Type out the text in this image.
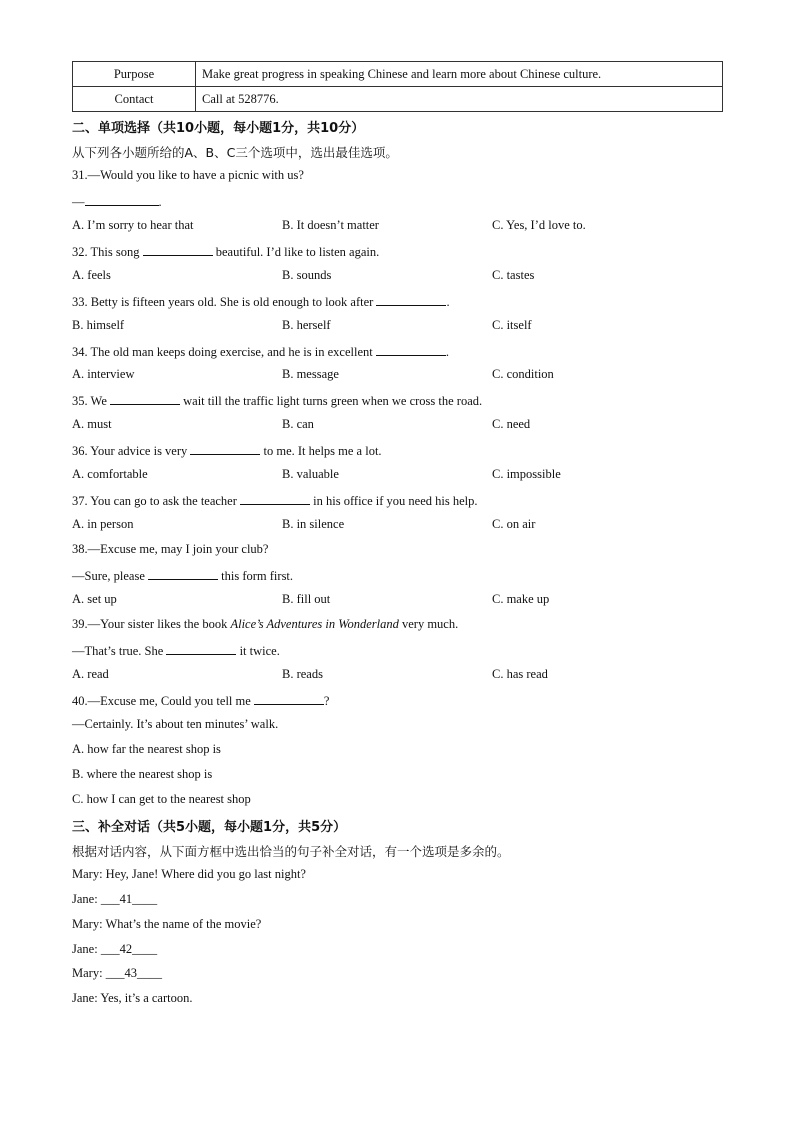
Purpose	Make great progress in speaking Chinese and learn more about Chinese culture.
Contact	Call at 528776.
二、单项选择（共10小题，每小题1分，共10分）
从下列各小题所给的A、B、C三个选项中，选出最佳选项。
31.—Would you like to have a picnic with us?
—	.
A. I’m sorry to hear that	B. It doesn’t matter	C. Yes, I’d love to.
32. This song	beautiful. I’d like to listen again.
A. feels	B. sounds	C. tastes
33. Betty is fifteen years old. She is old enough to look after	.
B. himself	B. herself	C. itself
34. The old man keeps doing exercise, and he is in excellent	.
A. interview	B. message	C. condition
35. We	wait till the traffic light turns green when we cross the road.
A. must	B. can	C. need
36. Your advice is very	to me. It helps me a lot.
A. comfortable	B. valuable	C. impossible
37. You can go to ask the teacher	in his office if you need his help.
A. in person	B. in silence	C. on air
38.—Excuse me, may I join your club?
—Sure, please	this form first.
A. set up	B. fill out	C. make up
39.—Your sister likes the book Alice’s Adventures in Wonderland very much.
—That’s true. She	it twice.
A. read	B. reads	C. has read
40.—Excuse me, Could you tell me	?
—Certainly. It’s about ten minutes’ walk.
A. how far the nearest shop is
B. where the nearest shop is
C. how I can get to the nearest shop
三、补全对话（共5小题，每小题1分，共5分）
根据对话内容，从下面方框中选出恰当的句子补全对话，有一个选项是多余的。
Mary: Hey, Jane! Where did you go last night?
Jane: ___41____
Mary: What’s the name of the movie?
Jane: ___42____
Mary: ___43____
Jane: Yes, it’s a cartoon.
